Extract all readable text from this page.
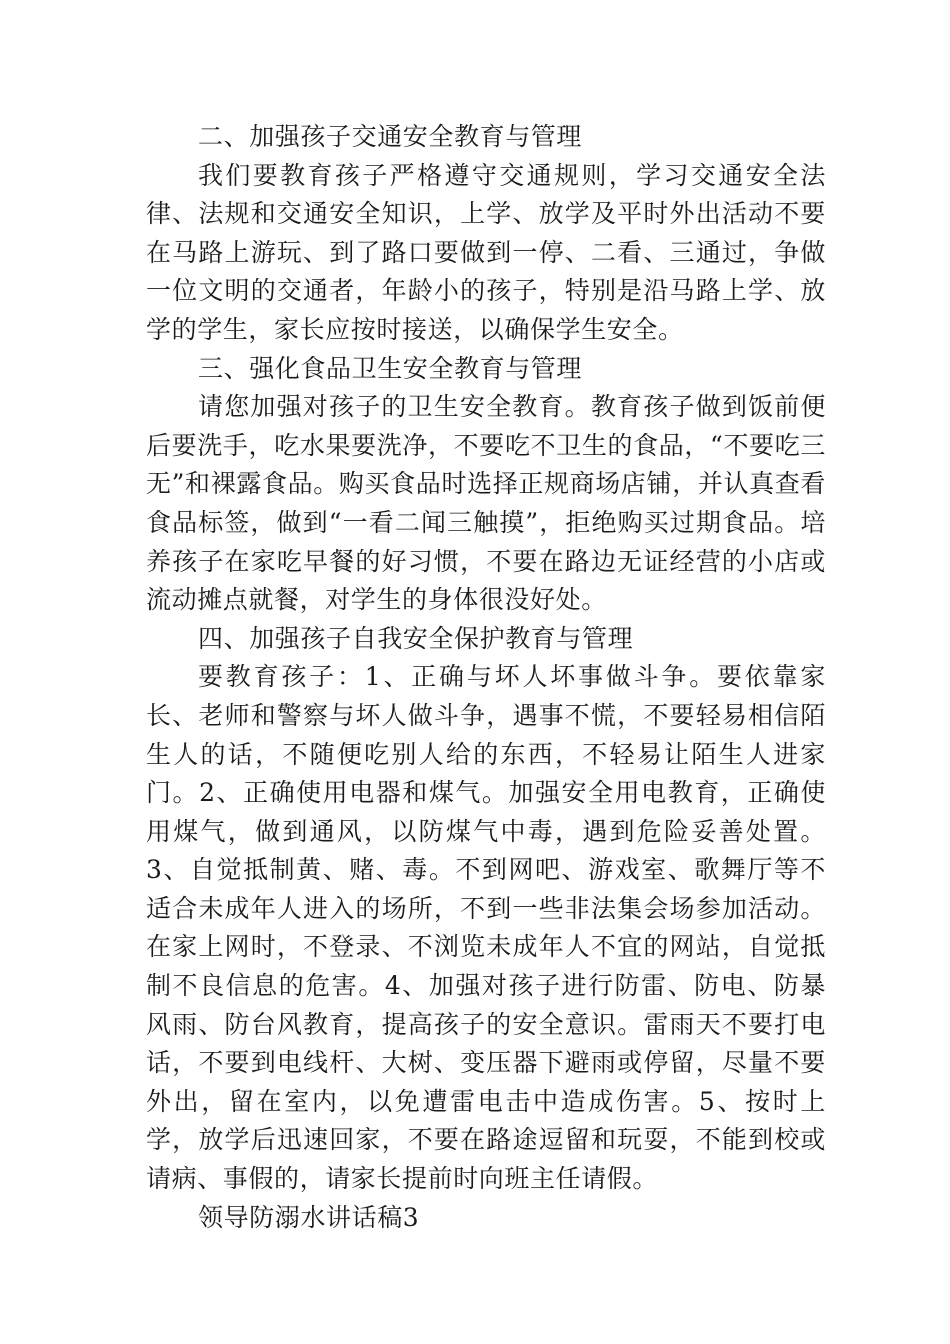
二、加强孩子交通安全教育与管理

我们要教育孩子严格遵守交通规则，学习交通安全法律、法规和交通安全知识，上学、放学及平时外出活动不要在马路上游玩、到了路口要做到一停、二看、三通过，争做一位文明的交通者，年龄小的孩子，特别是沿马路上学、放学的学生，家长应按时接送，以确保学生安全。

三、强化食品卫生安全教育与管理

请您加强对孩子的卫生安全教育。教育孩子做到饭前便后要洗手，吃水果要洗净，不要吃不卫生的食品，“不要吃三无”和裸露食品。购买食品时选择正规商场店铺，并认真查看食品标签，做到“一看二闻三触摸”，拒绝购买过期食品。培养孩子在家吃早餐的好习惯，不要在路边无证经营的小店或流动摊点就餐，对学生的身体很没好处。

四、加强孩子自我安全保护教育与管理

要教育孩子：1、正确与坏人坏事做斗争。要依靠家长、老师和警察与坏人做斗争，遇事不慌，不要轻易相信陌生人的话，不随便吃别人给的东西，不轻易让陌生人进家门。2、正确使用电器和煤气。加强安全用电教育，正确使用煤气，做到通风，以防煤气中毒，遇到危险妥善处置。3、自觉抵制黄、赌、毒。不到网吧、游戏室、歌舞厅等不适合未成年人进入的场所，不到一些非法集会场参加活动。在家上网时，不登录、不浏览未成年人不宜的网站，自觉抵制不良信息的危害。4、加强对孩子进行防雷、防电、防暴风雨、防台风教育，提高孩子的安全意识。雷雨天不要打电话，不要到电线杆、大树、变压器下避雨或停留，尽量不要外出，留在室内，以免遭雷电击中造成伤害。5、按时上学，放学后迅速回家，不要在路途逗留和玩耍，不能到校或请病、事假的，请家长提前时向班主任请假。

领导防溺水讲话稿3
